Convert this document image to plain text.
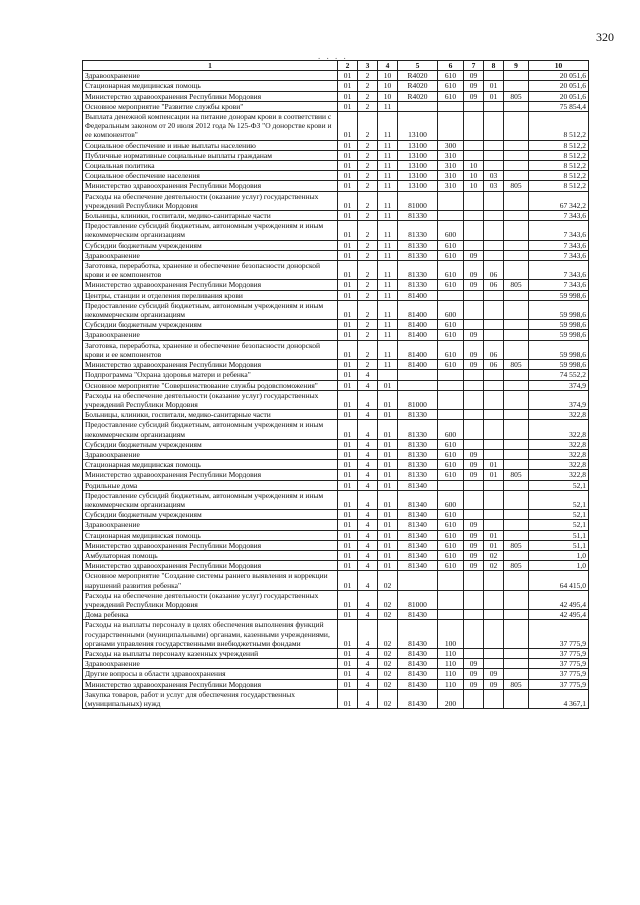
320
. . . .
1	2	3	4	5	6	7	8	9	10
Здравоохранение	01	2	10	R4020	610	09			20 051,6
Стационарная медицинская помощь	01	2	10	R4020	610	09	01		20 051,6
Министерство здравоохранения Республики Мордовия	01	2	10	R4020	610	09	01	805	20 051,6
Основное мероприятие "Развитие службы крови"	01	2	11						75 854,4
Выплата денежной компенсации на питание донорам крови в соответствии с Федеральным законом от 20 июля 2012 года № 125-ФЗ "О донорстве крови и ее компонентов"	01	2	11	13100					8 512,2
Социальное обеспечение и иные выплаты населению	01	2	11	13100	300				8 512,2
Публичные нормативные социальные выплаты гражданам	01	2	11	13100	310				8 512,2
Социальная политика	01	2	11	13100	310	10			8 512,2
Социальное обеспечение населения	01	2	11	13100	310	10	03		8 512,2
Министерство здравоохранения Республики Мордовия	01	2	11	13100	310	10	03	805	8 512,2
Расходы на обеспечение деятельности (оказание услуг) государственных учреждений Республики Мордовия	01	2	11	81000					67 342,2
Больницы, клиники, госпитали, медико-санитарные части	01	2	11	81330					7 343,6
Предоставление субсидий бюджетным, автономным учреждениям и иным некоммерческим организациям	01	2	11	81330	600				7 343,6
Субсидии бюджетным учреждениям	01	2	11	81330	610				7 343,6
Здравоохранение	01	2	11	81330	610	09			7 343,6
Заготовка, переработка, хранение и обеспечение безопасности донорской крови и ее компонентов	01	2	11	81330	610	09	06		7 343,6
Министерство здравоохранения Республики Мордовия	01	2	11	81330	610	09	06	805	7 343,6
Центры, станции и отделения переливания крови	01	2	11	81400					59 998,6
Предоставление субсидий бюджетным, автономным учреждениям и иным некоммерческим организациям	01	2	11	81400	600				59 998,6
Субсидии бюджетным учреждениям	01	2	11	81400	610				59 998,6
Здравоохранение	01	2	11	81400	610	09			59 998,6
Заготовка, переработка, хранение и обеспечение безопасности донорской крови и ее компонентов	01	2	11	81400	610	09	06		59 998,6
Министерство здравоохранения Республики Мордовия	01	2	11	81400	610	09	06	805	59 998,6
Подпрограмма "Охрана здоровья матери и ребенка"	01	4							74 552,2
Основное мероприятие "Совершенствование службы родовспоможения"	01	4	01						374,9
Расходы на обеспечение деятельности (оказание услуг) государственных учреждений Республики Мордовия	01	4	01	81000					374,9
Больницы, клиники, госпитали, медико-санитарные части	01	4	01	81330					322,8
Предоставление субсидий бюджетным, автономным учреждениям и иным некоммерческим организациям	01	4	01	81330	600				322,8
Субсидии бюджетным учреждениям	01	4	01	81330	610				322,8
Здравоохранение	01	4	01	81330	610	09			322,8
Стационарная медицинская помощь	01	4	01	81330	610	09	01		322,8
Министерство здравоохранения Республики Мордовия	01	4	01	81330	610	09	01	805	322,8
Родильные дома	01	4	01	81340					52,1
Предоставление субсидий бюджетным, автономным учреждениям и иным некоммерческим организациям	01	4	01	81340	600				52,1
Субсидии бюджетным учреждениям	01	4	01	81340	610				52,1
Здравоохранение	01	4	01	81340	610	09			52,1
Стационарная медицинская помощь	01	4	01	81340	610	09	01		51,1
Министерство здравоохранения Республики Мордовия	01	4	01	81340	610	09	01	805	51,1
Амбулаторная помощь	01	4	01	81340	610	09	02		1,0
Министерство здравоохранения Республики Мордовия	01	4	01	81340	610	09	02	805	1,0
Основное мероприятие "Создание системы раннего выявления и коррекции нарушений развития ребенка"	01	4	02						64 415,0
Расходы на обеспечение деятельности (оказание услуг) государственных учреждений Республики Мордовия	01	4	02	81000					42 495,4
Дома ребенка	01	4	02	81430					42 495,4
Расходы на выплаты персоналу в целях обеспечения выполнения функций государственными (муниципальными) органами, казенными учреждениями, органами управления государственными внебюджетными фондами	01	4	02	81430	100				37 775,9
Расходы на выплаты персоналу казенных учреждений	01	4	02	81430	110				37 775,9
Здравоохранение	01	4	02	81430	110	09			37 775,9
Другие вопросы в области здравоохранения	01	4	02	81430	110	09	09		37 775,9
Министерство здравоохранения Республики Мордовия	01	4	02	81430	110	09	09	805	37 775,9
Закупка товаров, работ и услуг для обеспечения государственных (муниципальных) нужд	01	4	02	81430	200				4 367,1
